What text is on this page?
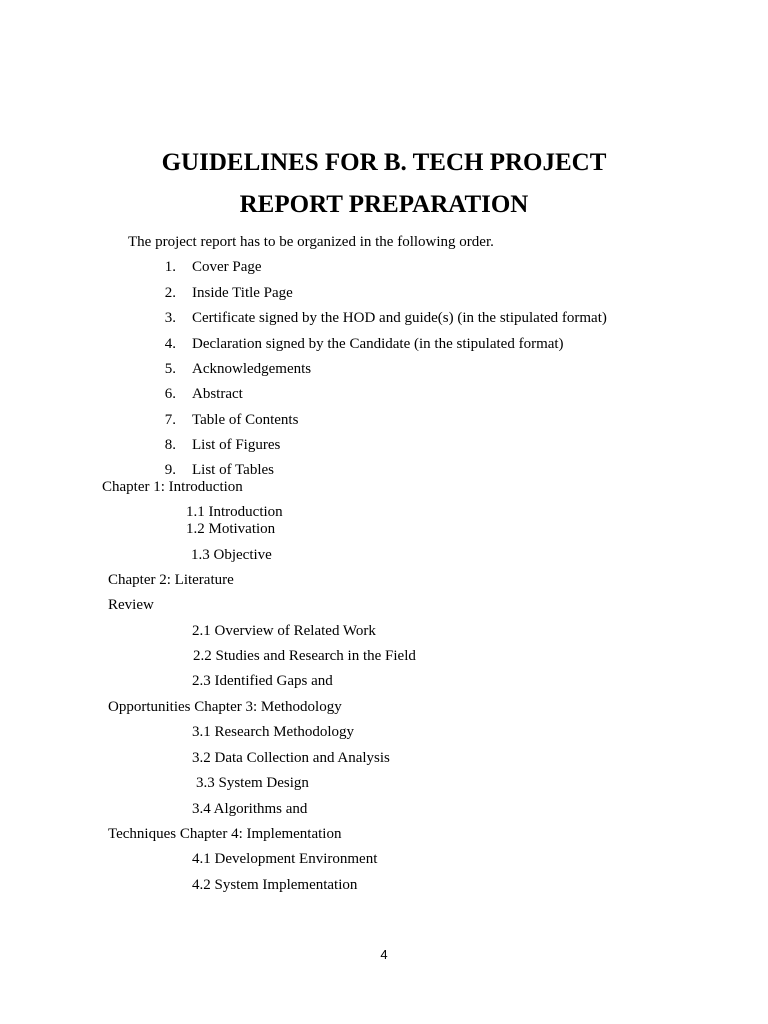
GUIDELINES FOR B. TECH PROJECT
REPORT PREPARATION
The project report has to be organized in the following order.
1. Cover Page
2. Inside Title Page
3. Certificate signed by the HOD and guide(s) (in the stipulated format)
4. Declaration signed by the Candidate (in the stipulated format)
5. Acknowledgements
6. Abstract
7. Table of Contents
8. List of Figures
9. List of Tables
Chapter 1: Introduction
1.1 Introduction
1.2 Motivation
1.3 Objective
Chapter 2: Literature
Review
2.1 Overview of Related Work
2.2 Studies and Research in the Field
2.3 Identified Gaps and
Opportunities Chapter 3: Methodology
3.1 Research Methodology
3.2 Data Collection and Analysis
3.3 System Design
3.4 Algorithms and
Techniques Chapter 4: Implementation
4.1 Development Environment
4.2 System Implementation
4
